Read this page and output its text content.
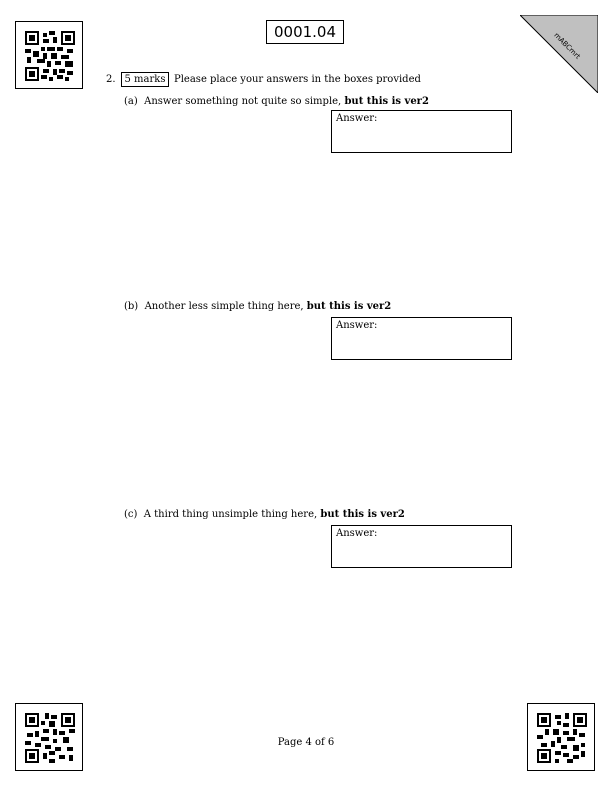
0001.04	mABCmrt
2. 5 marks Please place your answers in the boxes provided
(a) Answer something not quite so simple, but this is ver2
Answer:
(b) Another less simple thing here, but this is ver2
Answer:
(c) A third thing unsimple thing here, but this is ver2
Answer:
Page 4 of 6
